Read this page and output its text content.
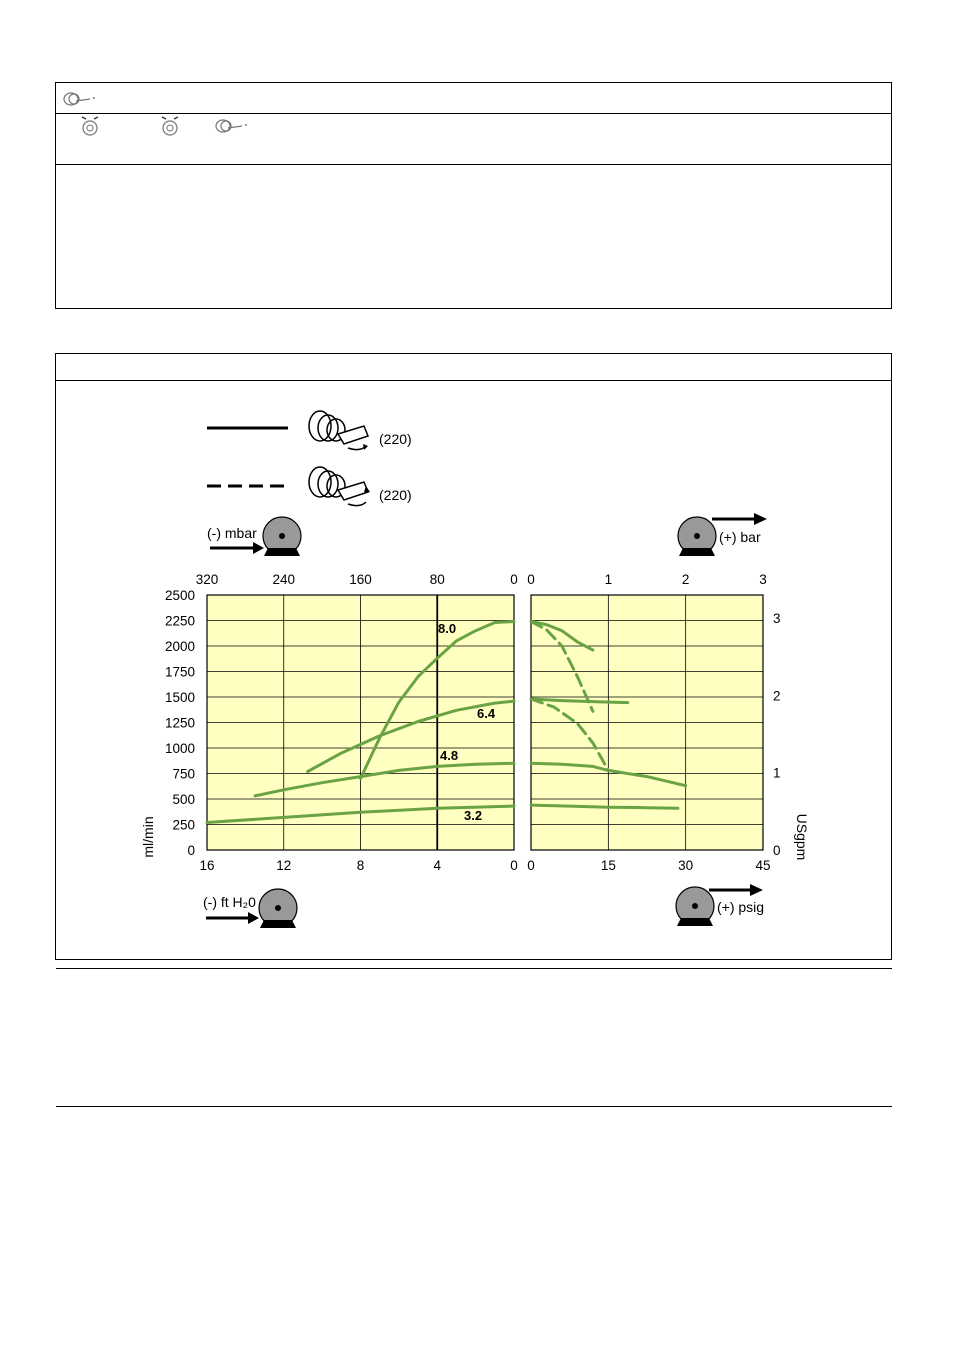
(220)
(220)
(-) mbar	(+) bar
(-) ft H₂0	(+) psig
8.0
6.4
4.8
3.2
2500
2250
2000
1750
1500
1250
1000
750
500
250
0
3
2
1
0
320	240	160	80	0
16	12	8	4	0
0	1	2	3
0	15	30	45
ml/min	USgpm
